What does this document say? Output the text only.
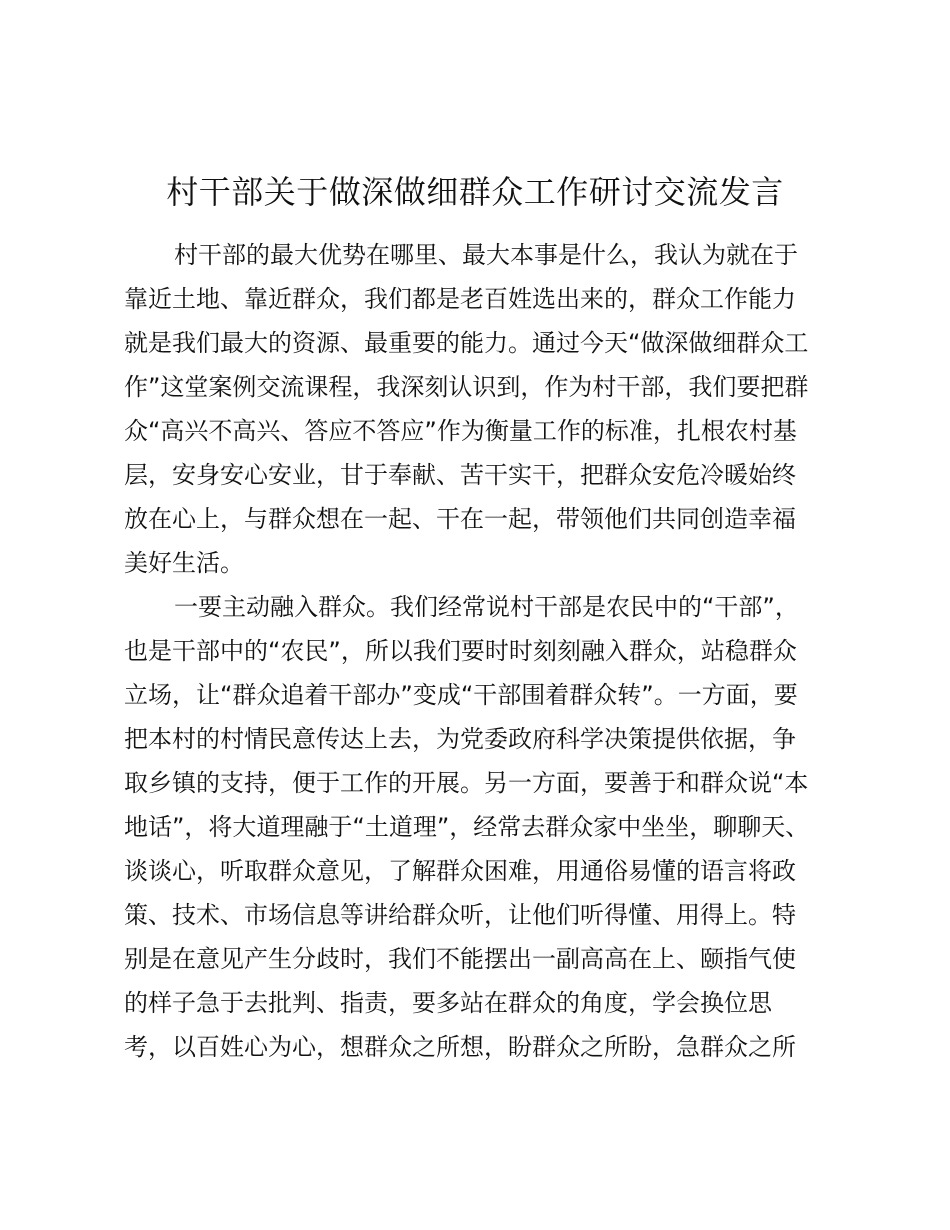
村干部关于做深做细群众工作研讨交流发言

村干部的最大优势在哪里、最大本事是什么，我认为就在于
靠近土地、靠近群众，我们都是老百姓选出来的，群众工作能力
就是我们最大的资源、最重要的能力。通过今天“做深做细群众工
作”这堂案例交流课程，我深刻认识到，作为村干部，我们要把群
众“高兴不高兴、答应不答应”作为衡量工作的标准，扎根农村基
层，安身安心安业，甘于奉献、苦干实干，把群众安危冷暖始终
放在心上，与群众想在一起、干在一起，带领他们共同创造幸福
美好生活。

一要主动融入群众。我们经常说村干部是农民中的“干部”，
也是干部中的“农民”，所以我们要时时刻刻融入群众，站稳群众
立场，让“群众追着干部办”变成“干部围着群众转”。一方面，要
把本村的村情民意传达上去，为党委政府科学决策提供依据，争
取乡镇的支持，便于工作的开展。另一方面，要善于和群众说“本
地话”，将大道理融于“土道理”，经常去群众家中坐坐，聊聊天、
谈谈心，听取群众意见，了解群众困难，用通俗易懂的语言将政
策、技术、市场信息等讲给群众听，让他们听得懂、用得上。特
别是在意见产生分歧时，我们不能摆出一副高高在上、颐指气使
的样子急于去批判、指责，要多站在群众的角度，学会换位思
考，以百姓心为心，想群众之所想，盼群众之所盼，急群众之所
